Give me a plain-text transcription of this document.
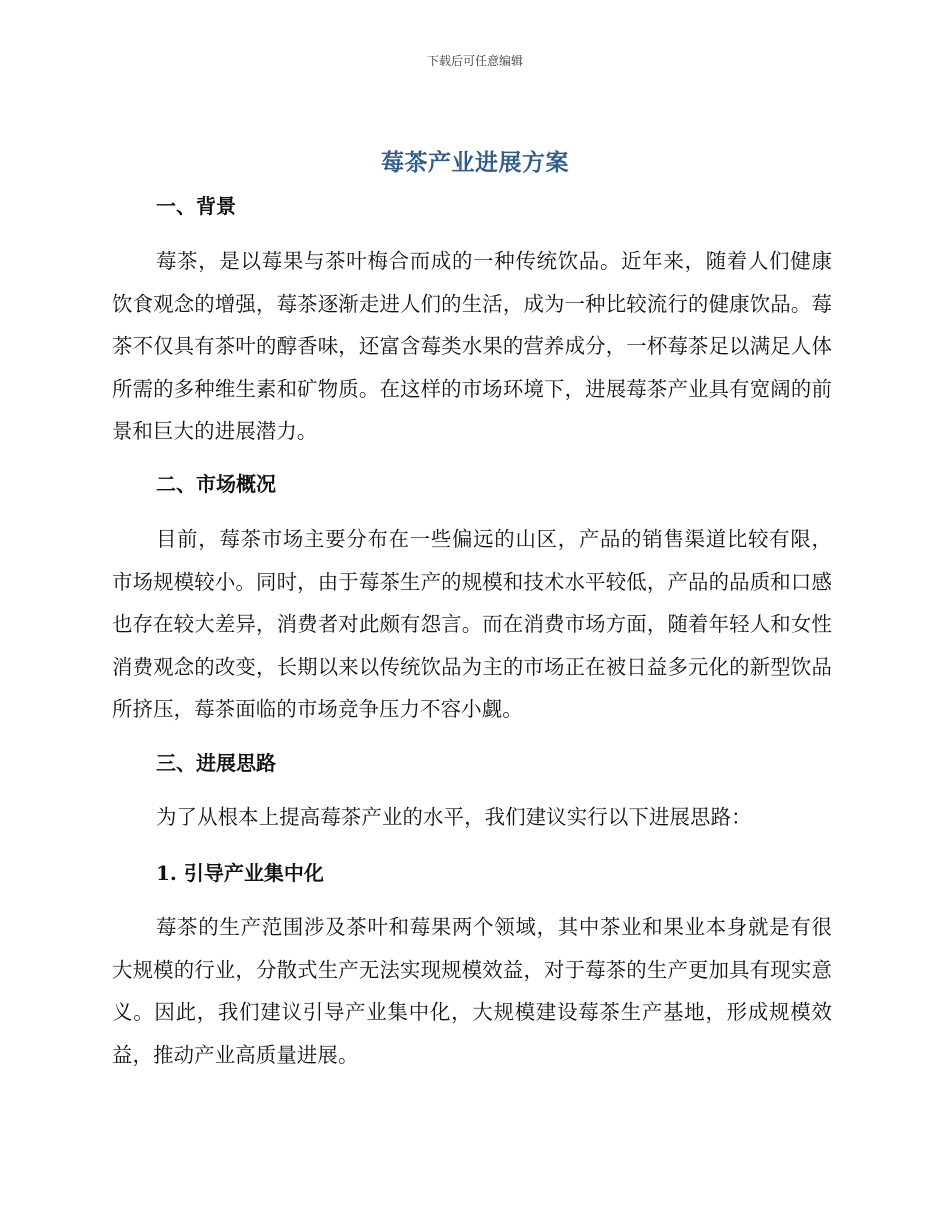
下载后可任意编辑
莓茶产业进展方案
一、背景
莓茶，是以莓果与茶叶梅合而成的一种传统饮品。近年来，随着人们健康饮食观念的增强，莓茶逐渐走进人们的生活，成为一种比较流行的健康饮品。莓茶不仅具有茶叶的醇香味，还富含莓类水果的营养成分，一杯莓茶足以满足人体所需的多种维生素和矿物质。在这样的市场环境下，进展莓茶产业具有宽阔的前景和巨大的进展潜力。
二、市场概况
目前，莓茶市场主要分布在一些偏远的山区，产品的销售渠道比较有限，市场规模较小。同时，由于莓茶生产的规模和技术水平较低，产品的品质和口感也存在较大差异，消费者对此颇有怨言。而在消费市场方面，随着年轻人和女性消费观念的改变，长期以来以传统饮品为主的市场正在被日益多元化的新型饮品所挤压，莓茶面临的市场竞争压力不容小觑。
三、进展思路
为了从根本上提高莓茶产业的水平，我们建议实行以下进展思路：
1. 引导产业集中化
莓茶的生产范围涉及茶叶和莓果两个领域，其中茶业和果业本身就是有很大规模的行业，分散式生产无法实现规模效益，对于莓茶的生产更加具有现实意义。因此，我们建议引导产业集中化，大规模建设莓茶生产基地，形成规模效益，推动产业高质量进展。
